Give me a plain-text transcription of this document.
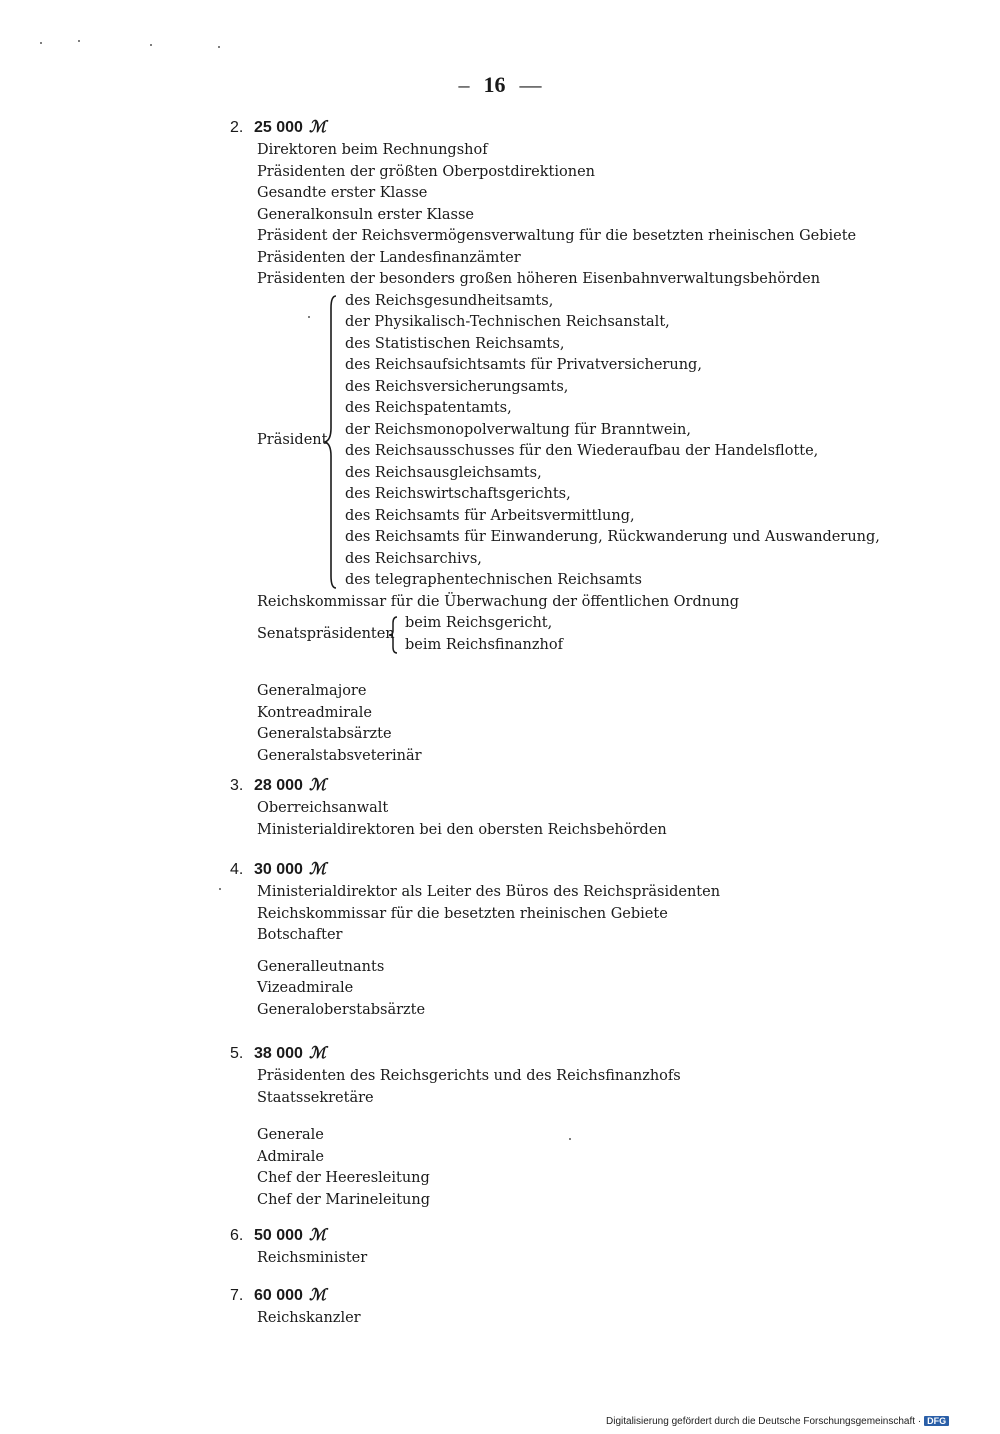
– 16 —
2. 25 000 ℳ
Direktoren beim Rechnungshof
Präsidenten der größten Oberpostdirektionen
Gesandte erster Klasse
Generalkonsuln erster Klasse
Präsident der Reichsvermögensverwaltung für die besetzten rheinischen Gebiete
Präsidenten der Landesfinanzämter
Präsidenten der besonders großen höheren Eisenbahnverwaltungsbehörden
Präsident
des Reichsgesundheitsamts,
der Physikalisch-Technischen Reichsanstalt,
des Statistischen Reichsamts,
des Reichsaufsichtsamts für Privatversicherung,
des Reichsversicherungsamts,
des Reichspatentamts,
der Reichsmonopolverwaltung für Branntwein,
des Reichsausschusses für den Wiederaufbau der Handelsflotte,
des Reichsausgleichsamts,
des Reichswirtschaftsgerichts,
des Reichsamts für Arbeitsvermittlung,
des Reichsamts für Einwanderung, Rückwanderung und Auswanderung,
des Reichsarchivs,
des telegraphentechnischen Reichsamts
Reichskommissar für die Überwachung der öffentlichen Ordnung
Senatspräsidenten
beim Reichsgericht,
beim Reichsfinanzhof
Generalmajore
Kontreadmirale
Generalstabsärzte
Generalstabsveterinär
3. 28 000 ℳ
Oberreichsanwalt
Ministerialdirektoren bei den obersten Reichsbehörden
4. 30 000 ℳ
Ministerialdirektor als Leiter des Büros des Reichspräsidenten
Reichskommissar für die besetzten rheinischen Gebiete
Botschafter
Generalleutnants
Vizeadmirale
Generaloberstabsärzte
5. 38 000 ℳ
Präsidenten des Reichsgerichts und des Reichsfinanzhofs
Staatssekretäre
Generale
Admirale
Chef der Heeresleitung
Chef der Marineleitung
6. 50 000 ℳ
Reichsminister
7. 60 000 ℳ
Reichskanzler
Digitalisierung gefördert durch die Deutsche Forschungsgemeinschaft · DFG
